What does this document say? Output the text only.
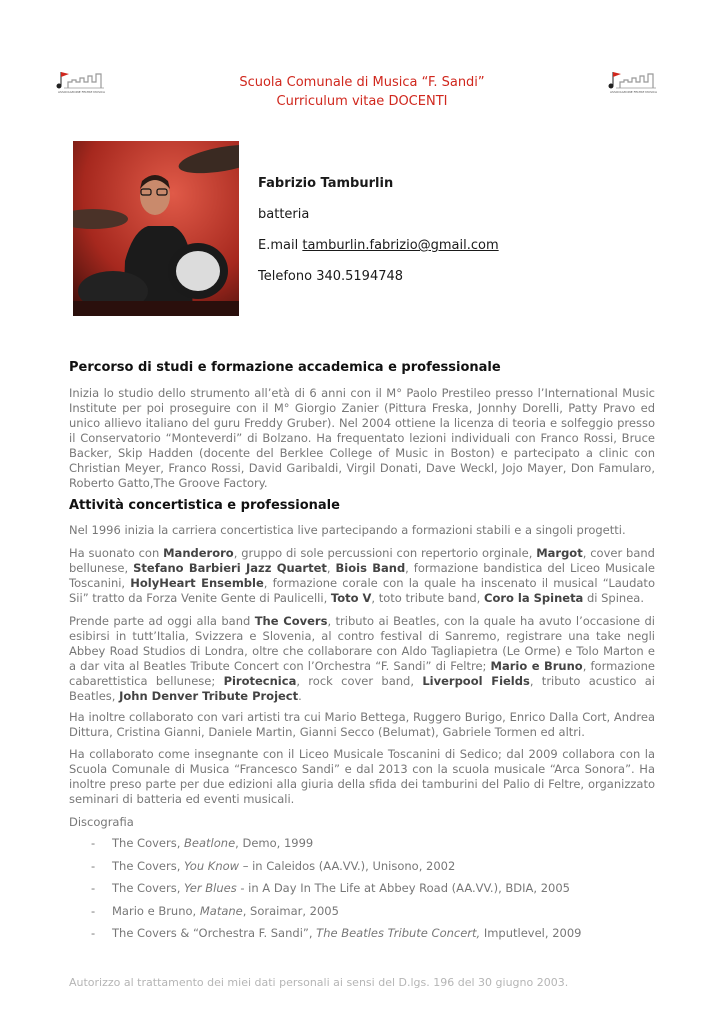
ASSOCIAZIONE FELTRE MUSICA	ASSOCIAZIONE FELTRE MUSICA
Scuola Comunale di Musica “F. Sandi”
Curriculum vitae DOCENTI
Fabrizio Tamburlin
batteria
E.mail tamburlin.fabrizio@gmail.com
Telefono 340.5194748
Percorso di studi e formazione accademica e professionale
Inizia lo studio dello strumento all’età di 6 anni con il M° Paolo Prestileo presso l’International Music Institute per poi proseguire con il M° Giorgio Zanier (Pittura Freska, Jonnhy Dorelli, Patty Pravo ed unico allievo italiano del guru Freddy Gruber). Nel 2004 ottiene la licenza di teoria e solfeggio presso il Conservatorio “Monteverdi” di Bolzano. Ha frequentato lezioni individuali con Franco Rossi, Bruce Backer, Skip Hadden (docente del Berklee College of Music in Boston) e partecipato a clinic con Christian Meyer, Franco Rossi, David Garibaldi, Virgil Donati, Dave Weckl, Jojo Mayer, Don Famularo, Roberto Gatto,The Groove Factory.
Attività concertistica e professionale
Nel 1996 inizia la carriera concertistica live partecipando a formazioni stabili e a singoli progetti.
Ha suonato con Manderoro, gruppo di sole percussioni con repertorio orginale, Margot, cover band bellunese, Stefano Barbieri Jazz Quartet, Biois Band, formazione bandistica del Liceo Musicale Toscanini, HolyHeart Ensemble, formazione corale con la quale ha inscenato il musical “Laudato Sii” tratto da Forza Venite Gente di Paulicelli, Toto V, toto tribute band, Coro la Spineta di Spinea.
Prende parte ad oggi alla band The Covers, tributo ai Beatles, con la quale ha avuto l’occasione di esibirsi in tutt’Italia, Svizzera e Slovenia, al contro festival di Sanremo, registrare una take negli Abbey Road Studios di Londra, oltre che collaborare con Aldo Tagliapietra (Le Orme) e Tolo Marton e a dar vita al Beatles Tribute Concert con l’Orchestra “F. Sandi” di Feltre; Mario e Bruno, formazione cabarettistica bellunese; Pirotecnica, rock cover band, Liverpool Fields, tributo acustico ai Beatles, John Denver Tribute Project.
Ha inoltre collaborato con vari artisti tra cui Mario Bettega, Ruggero Burigo, Enrico Dalla Cort, Andrea Dittura, Cristina Gianni, Daniele Martin, Gianni Secco (Belumat), Gabriele Tormen ed altri.
Ha collaborato come insegnante con il Liceo Musicale Toscanini di Sedico; dal 2009 collabora con la Scuola Comunale di Musica “Francesco Sandi” e dal 2013 con la scuola musicale “Arca Sonora”. Ha inoltre preso parte per due edizioni alla giuria della sfida dei tamburini del Palio di Feltre, organizzato seminari di batteria ed eventi musicali.
Discografia
- The Covers, Beatlone, Demo, 1999
- The Covers, You Know – in Caleidos (AA.VV.), Unisono, 2002
- The Covers, Yer Blues - in A Day In The Life at Abbey Road (AA.VV.), BDIA, 2005
- Mario e Bruno, Matane, Soraimar, 2005
- The Covers & “Orchestra F. Sandi”, The Beatles Tribute Concert, Imputlevel, 2009
Autorizzo al trattamento dei miei dati personali ai sensi del D.lgs. 196 del 30 giugno 2003.
